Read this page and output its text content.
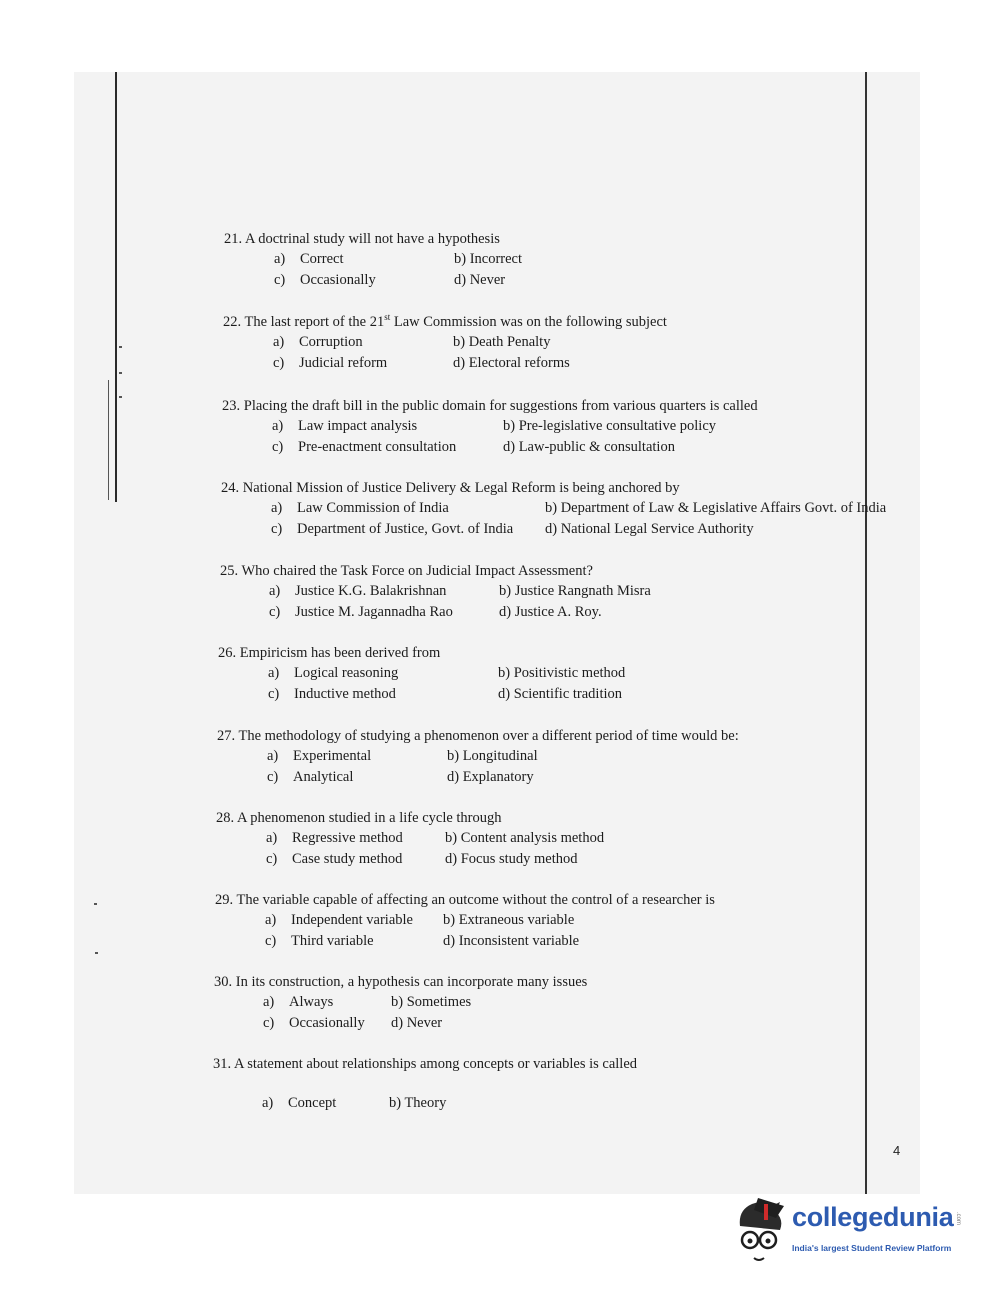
21. A doctrinal study will not have a hypothesis
a) Correct	b) Incorrect
c) Occasionally	d) Never
22. The last report of the 21st Law Commission was on the following subject
a) Corruption	b) Death Penalty
c) Judicial reform	d) Electoral reforms
23. Placing the draft bill in the public domain for suggestions from various quarters is called
a) Law impact analysis	b) Pre-legislative consultative policy
c) Pre-enactment consultation	d) Law-public & consultation
24. National Mission of Justice Delivery & Legal Reform is being anchored by
a) Law Commission of India	b) Department of Law & Legislative Affairs Govt. of India
c) Department of Justice, Govt. of India	d) National Legal Service Authority
25. Who chaired the Task Force on Judicial Impact Assessment?
a) Justice K.G. Balakrishnan	b) Justice Rangnath Misra
c) Justice M. Jagannadha Rao	d) Justice A. Roy.
26. Empiricism has been derived from
a) Logical reasoning	b) Positivistic method
c) Inductive method	d) Scientific tradition
27. The methodology of studying a phenomenon over a different period of time would be:
a) Experimental	b) Longitudinal
c) Analytical	d) Explanatory
28. A phenomenon studied in a life cycle through
a) Regressive method	b) Content analysis method
c) Case study method	d) Focus study method
29. The variable capable of affecting an outcome without the control of a researcher is
a) Independent variable	b) Extraneous variable
c) Third variable	d) Inconsistent variable
30. In its construction, a hypothesis can incorporate many issues
a) Always	b) Sometimes
c) Occasionally	d) Never
31. A statement about relationships among concepts or variables is called
a) Concept	b) Theory
4
collegedunia .com
India's largest Student Review Platform
